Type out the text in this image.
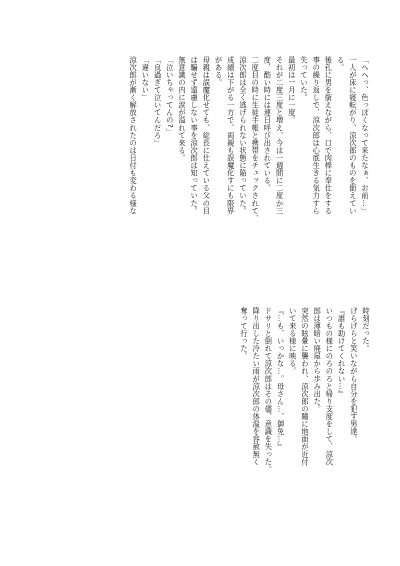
「へへっ、色っぽくなって来たなぁ、お前…」
一人が床に寝転がり、涼次郎のものを銜えてい
る。
後孔に男を銜えながら、口で肉棒に奉仕をする
事の繰り返しで、涼次郎は心底生きる気力すら
失っていた。
最初は一月に一度。
それが二度三度と増え、今は一週間に二度か三
度、酷い時には連日呼び出されている。
二度目の時に生徒手帳と携帯をチェックされて、
涼次郎は全く逃げられない状態に陥っていた。
成績は下がる一方で、両親も誤魔化すにも限界
がある。
母親は誤魔化せても、総長に仕えている父の目
は騙せず遠慮しない事を涼次郎は知っていた。
無意識の内に涙が溢れて来る。
「泣いちゃってんの?」
「良過ぎて泣いてんだろ」
「違いない」
涼次郎が漸く解放されたのは日付も変わる様な
時刻だった。
げらげらと笑いながら自分を犯す男達。
『誰も助けてくれない…』
いつもの様にのろのろと帰り支度をして、涼次
郎は薄暗い廃屋から歩み出た。
突然の眩暈に襲われ、涼次郎の瞳に地面が近付
いて来る様に映る。
『…も、いっかな…。母さん…、御免…』
ドサリと倒れて涼次郎はその儘、意識を失った。
降り出した冷たい雨が涼次郎の体温を容赦無く
奪って行った。
